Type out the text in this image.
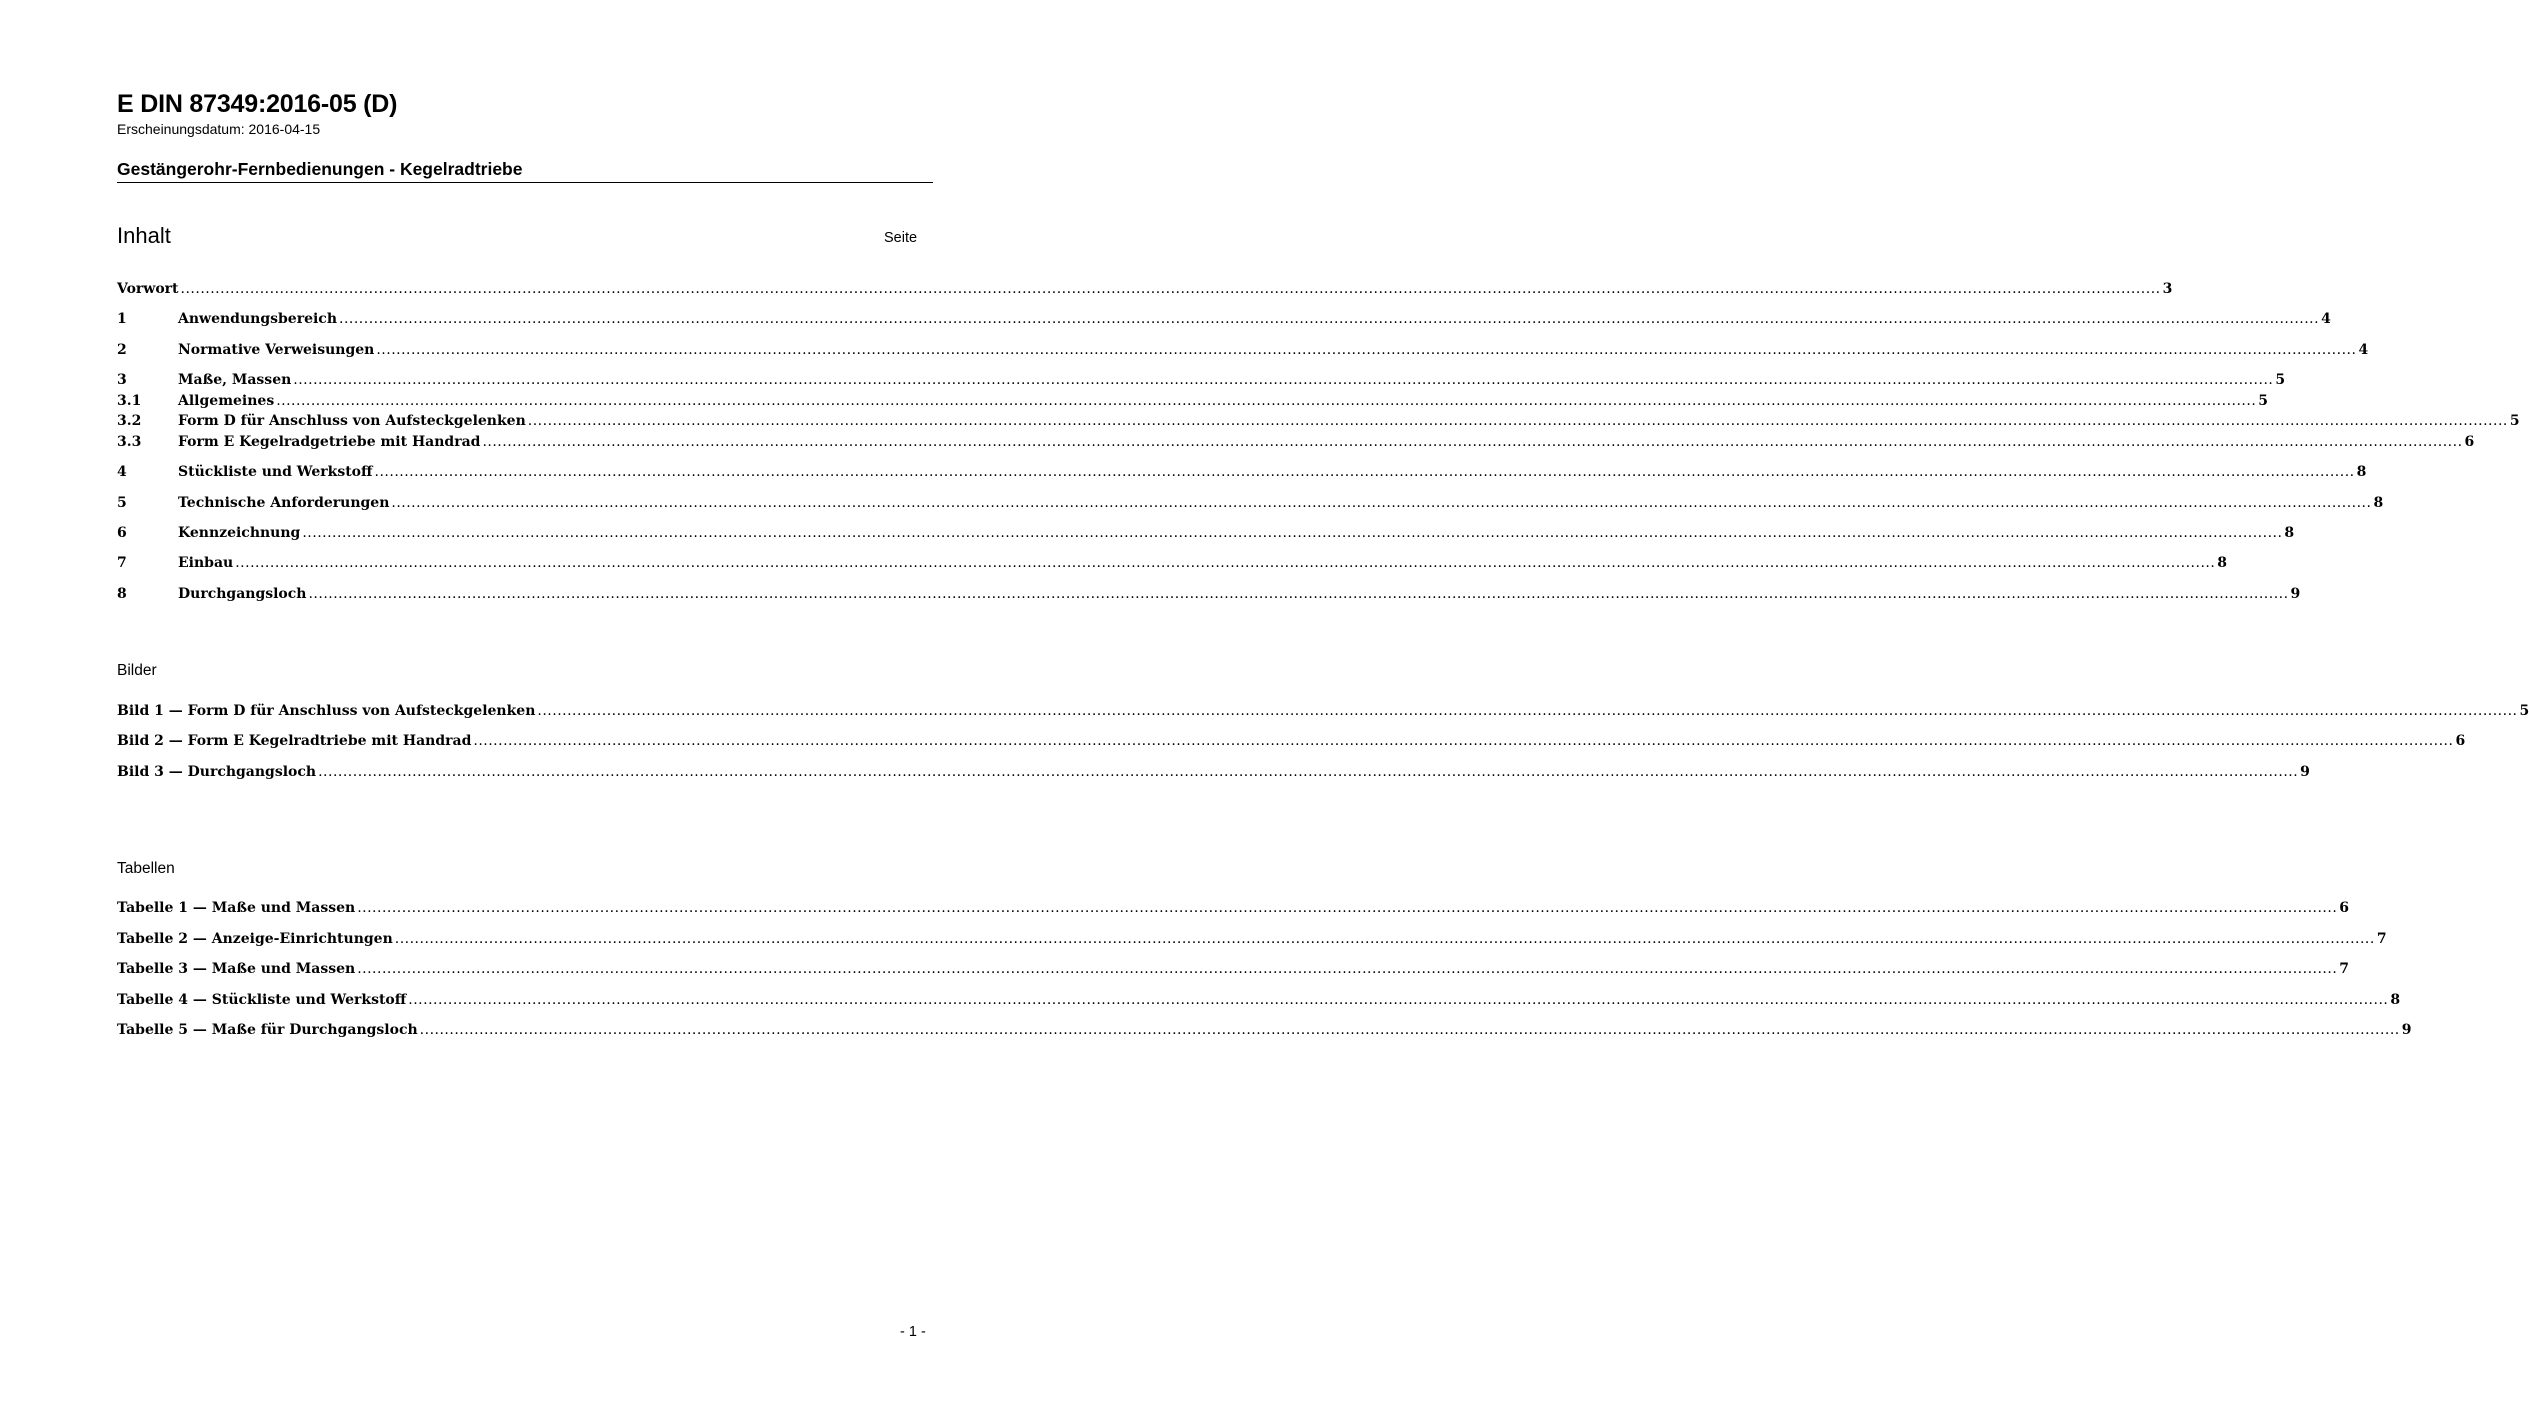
E DIN 87349:2016-05 (D)
Erscheinungsdatum: 2016-04-15
Gestängerohr-Fernbedienungen - Kegelradtriebe
Inhalt	Seite
Vorwort ................................................................................................................................................................................................................................................................................................................................................................................................................ 3
1	Anwendungsbereich ................................................................................................................................................................................................................................................................................................................................................................................................................ 4
2	Normative Verweisungen ................................................................................................................................................................................................................................................................................................................................................................................................................ 4
3	Maße, Massen ................................................................................................................................................................................................................................................................................................................................................................................................................ 5
3.1	Allgemeines ................................................................................................................................................................................................................................................................................................................................................................................................................ 5
3.2	Form D für Anschluss von Aufsteckgelenken ................................................................................................................................................................................................................................................................................................................................................................................................................ 5
3.3	Form E Kegelradgetriebe mit Handrad ................................................................................................................................................................................................................................................................................................................................................................................................................ 6
4	Stückliste und Werkstoff ................................................................................................................................................................................................................................................................................................................................................................................................................ 8
5	Technische Anforderungen ................................................................................................................................................................................................................................................................................................................................................................................................................ 8
6	Kennzeichnung ................................................................................................................................................................................................................................................................................................................................................................................................................ 8
7	Einbau ................................................................................................................................................................................................................................................................................................................................................................................................................ 8
8	Durchgangsloch ................................................................................................................................................................................................................................................................................................................................................................................................................ 9
Bilder
Bild 1 — Form D für Anschluss von Aufsteckgelenken ................................................................................................................................................................................................................................................................................................................................................................................................................ 5
Bild 2 — Form E Kegelradtriebe mit Handrad ................................................................................................................................................................................................................................................................................................................................................................................................................ 6
Bild 3 — Durchgangsloch ................................................................................................................................................................................................................................................................................................................................................................................................................ 9
Tabellen
Tabelle 1 — Maße und Massen ................................................................................................................................................................................................................................................................................................................................................................................................................ 6
Tabelle 2 — Anzeige-Einrichtungen ................................................................................................................................................................................................................................................................................................................................................................................................................ 7
Tabelle 3 — Maße und Massen ................................................................................................................................................................................................................................................................................................................................................................................................................ 7
Tabelle 4 — Stückliste und Werkstoff ................................................................................................................................................................................................................................................................................................................................................................................................................ 8
Tabelle 5 — Maße für Durchgangsloch ................................................................................................................................................................................................................................................................................................................................................................................................................ 9
- 1 -
